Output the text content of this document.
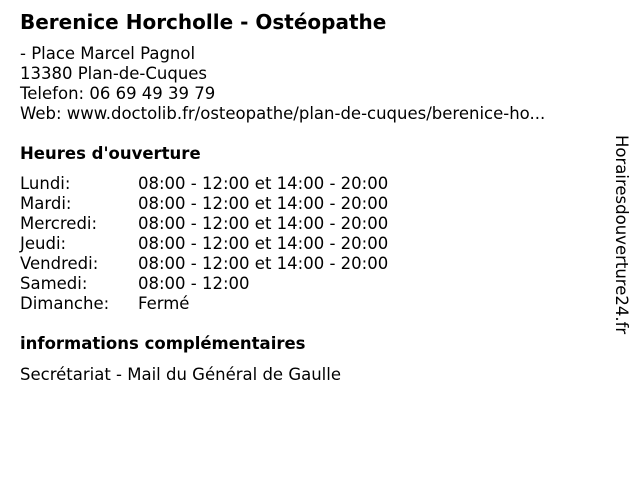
Berenice Horcholle - Ostéopathe
- Place Marcel Pagnol
13380 Plan-de-Cuques
Telefon: 06 69 49 39 79
Web: www.doctolib.fr/osteopathe/plan-de-cuques/berenice-ho...
Heures d'ouverture
Lundi:	08:00 - 12:00 et 14:00 - 20:00
Mardi:	08:00 - 12:00 et 14:00 - 20:00
Mercredi:	08:00 - 12:00 et 14:00 - 20:00
Jeudi:	08:00 - 12:00 et 14:00 - 20:00
Vendredi:	08:00 - 12:00 et 14:00 - 20:00
Samedi:	08:00 - 12:00
Dimanche:	Fermé
informations complémentaires
Secrétariat - Mail du Général de Gaulle
Horairesdouverture24.fr
